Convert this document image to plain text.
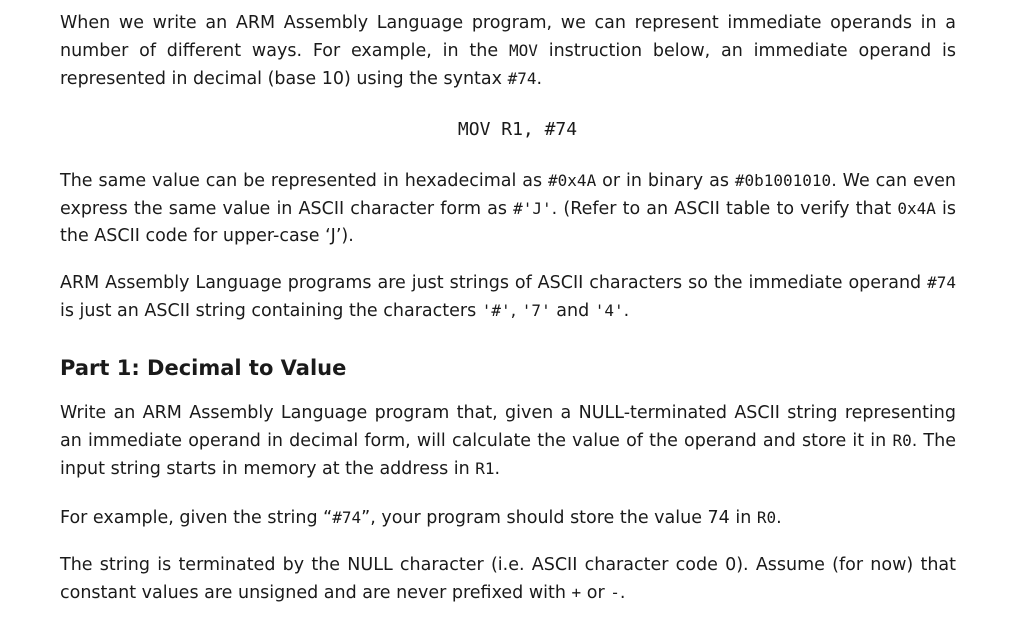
When we write an ARM Assembly Language program, we can represent immediate operands in a number of different ways. For example, in the MOV instruction below, an immediate operand is represented in decimal (base 10) using the syntax #74.

MOV R1, #74

The same value can be represented in hexadecimal as #0x4A or in binary as #0b1001010. We can even express the same value in ASCII character form as #'J'. (Refer to an ASCII table to verify that 0x4A is the ASCII code for upper-case ‘J’).

ARM Assembly Language programs are just strings of ASCII characters so the immediate operand #74 is just an ASCII string containing the characters '#', '7' and '4'.

Part 1: Decimal to Value

Write an ARM Assembly Language program that, given a NULL-terminated ASCII string representing an immediate operand in decimal form, will calculate the value of the operand and store it in R0. The input string starts in memory at the address in R1.

For example, given the string “#74”, your program should store the value 74 in R0.

The string is terminated by the NULL character (i.e. ASCII character code 0). Assume (for now) that constant values are unsigned and are never prefixed with + or -.
